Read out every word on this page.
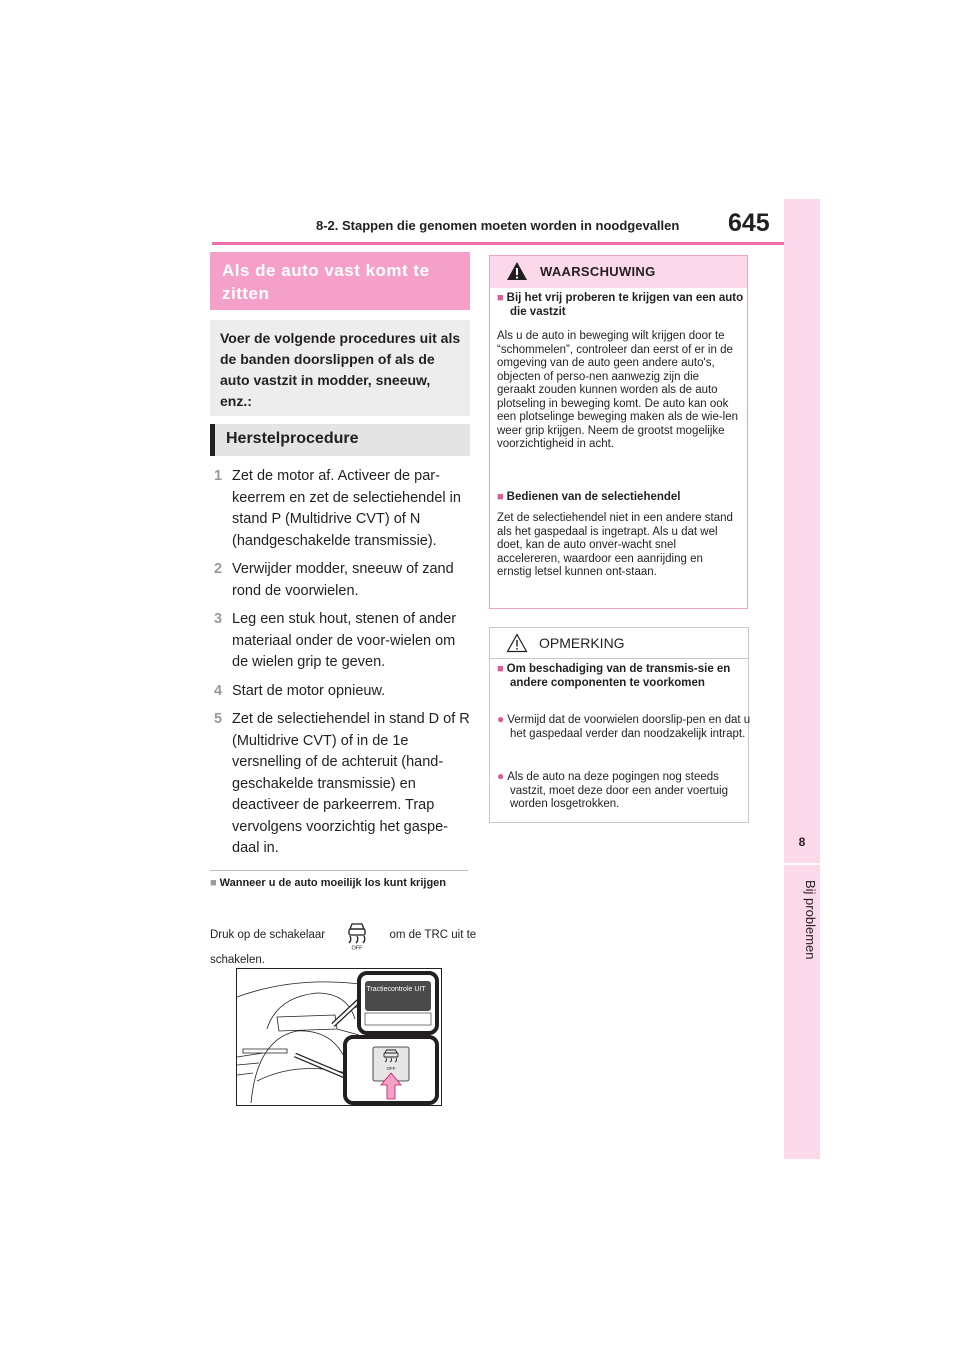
8-2. Stappen die genomen moeten worden in noodgevallen 645
8
Bij problemen
Als de auto vast komt te zitten
Voer de volgende procedures uit als de banden doorslippen of als de auto vastzit in modder, sneeuw, enz.:
Herstelprocedure
1 Zet de motor af. Activeer de par-keerrem en zet de selectiehendel in stand P (Multidrive CVT) of N (handgeschakelde transmissie).
2 Verwijder modder, sneeuw of zand rond de voorwielen.
3 Leg een stuk hout, stenen of ander materiaal onder de voor-wielen om de wielen grip te geven.
4 Start de motor opnieuw.
5 Zet de selectiehendel in stand D of R (Multidrive CVT) of in de 1e versnelling of de achteruit (hand-geschakelde transmissie) en deactiveer de parkeerrem. Trap vervolgens voorzichtig het gaspe-daal in.
■ Wanneer u de auto moeilijk los kunt krijgen
Druk op de schakelaar
OFF
om de TRC uit te schakelen.
OFF
Tractiecontrole UIT
WAARSCHUWING
■ Bij het vrij proberen te krijgen van een auto die vastzit
Als u de auto in beweging wilt krijgen door te “schommelen”, controleer dan eerst of er in de omgeving van de auto geen andere auto's, objecten of perso-nen aanwezig zijn die geraakt zouden kunnen worden als de auto plotseling in beweging komt. De auto kan ook een plotselinge beweging maken als de wie-len weer grip krijgen. Neem de grootst mogelijke voorzichtigheid in acht.
■ Bedienen van de selectiehendel
Zet de selectiehendel niet in een andere stand als het gaspedaal is ingetrapt. Als u dat wel doet, kan de auto onver-wacht snel accelereren, waardoor een aanrijding en ernstig letsel kunnen ont-staan.
OPMERKING
■ Om beschadiging van de transmis-sie en andere componenten te voorkomen
● Vermijd dat de voorwielen doorslip-pen en dat u het gaspedaal verder dan noodzakelijk intrapt.
● Als de auto na deze pogingen nog steeds vastzit, moet deze door een ander voertuig worden losgetrokken.
